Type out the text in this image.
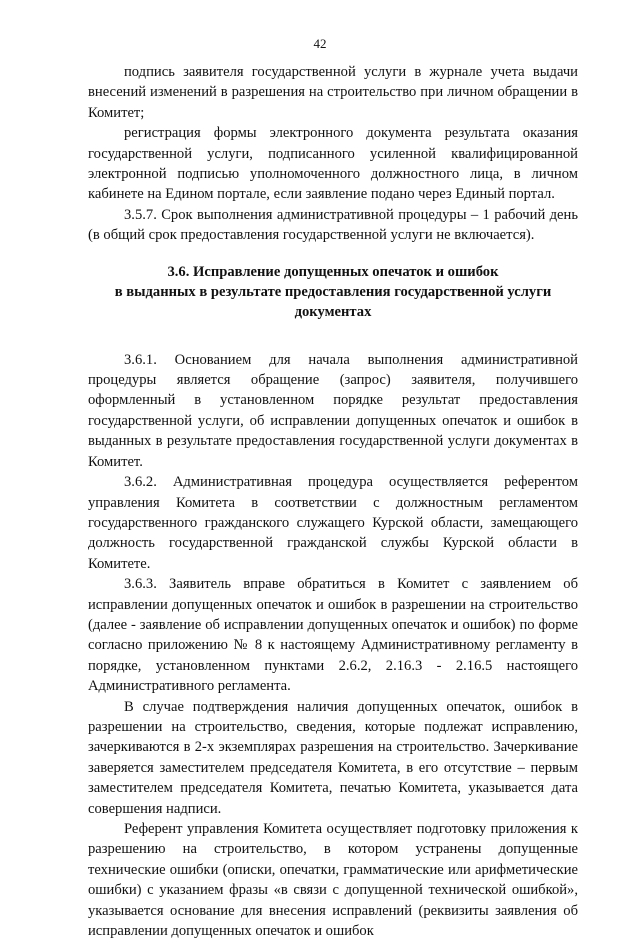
42

подпись заявителя государственной услуги в журнале учета выдачи внесений изменений в разрешения на строительство при личном обращении в Комитет;

регистрация формы электронного документа результата оказания государственной услуги, подписанного усиленной квалифицированной электронной подписью уполномоченного должностного лица, в личном кабинете на Едином портале, если заявление подано через Единый портал.

3.5.7. Срок выполнения административной процедуры – 1 рабочий день (в общий срок предоставления государственной услуги не включается).

3.6. Исправление допущенных опечаток и ошибок
в выданных в результате предоставления государственной услуги
документах

3.6.1. Основанием для начала выполнения административной процедуры является обращение (запрос) заявителя, получившего оформленный в установленном порядке результат предоставления государственной услуги, об исправлении допущенных опечаток и ошибок в выданных в результате предоставления государственной услуги документах в Комитет.

3.6.2. Административная процедура осуществляется референтом управления Комитета в соответствии с должностным регламентом государственного гражданского служащего Курской области, замещающего должность государственной гражданской службы Курской области в Комитете.

3.6.3. Заявитель вправе обратиться в Комитет с заявлением об исправлении допущенных опечаток и ошибок в разрешении на строительство (далее - заявление об исправлении допущенных опечаток и ошибок) по форме согласно приложению № 8 к настоящему Административному регламенту в порядке, установленном пунктами 2.6.2, 2.16.3 - 2.16.5 настоящего Административного регламента.

В случае подтверждения наличия допущенных опечаток, ошибок в разрешении на строительство, сведения, которые подлежат исправлению, зачеркиваются в 2-х экземплярах разрешения на строительство. Зачеркивание заверяется заместителем председателя Комитета, в его отсутствие – первым заместителем председателя Комитета, печатью Комитета, указывается дата совершения надписи.

Референт управления Комитета осуществляет подготовку приложения к разрешению на строительство, в котором устранены допущенные технические ошибки (описки, опечатки, грамматические или арифметические ошибки) с указанием фразы «в связи с допущенной технической ошибкой», указывается основание для внесения исправлений (реквизиты заявления об исправлении допущенных опечаток и ошибок
